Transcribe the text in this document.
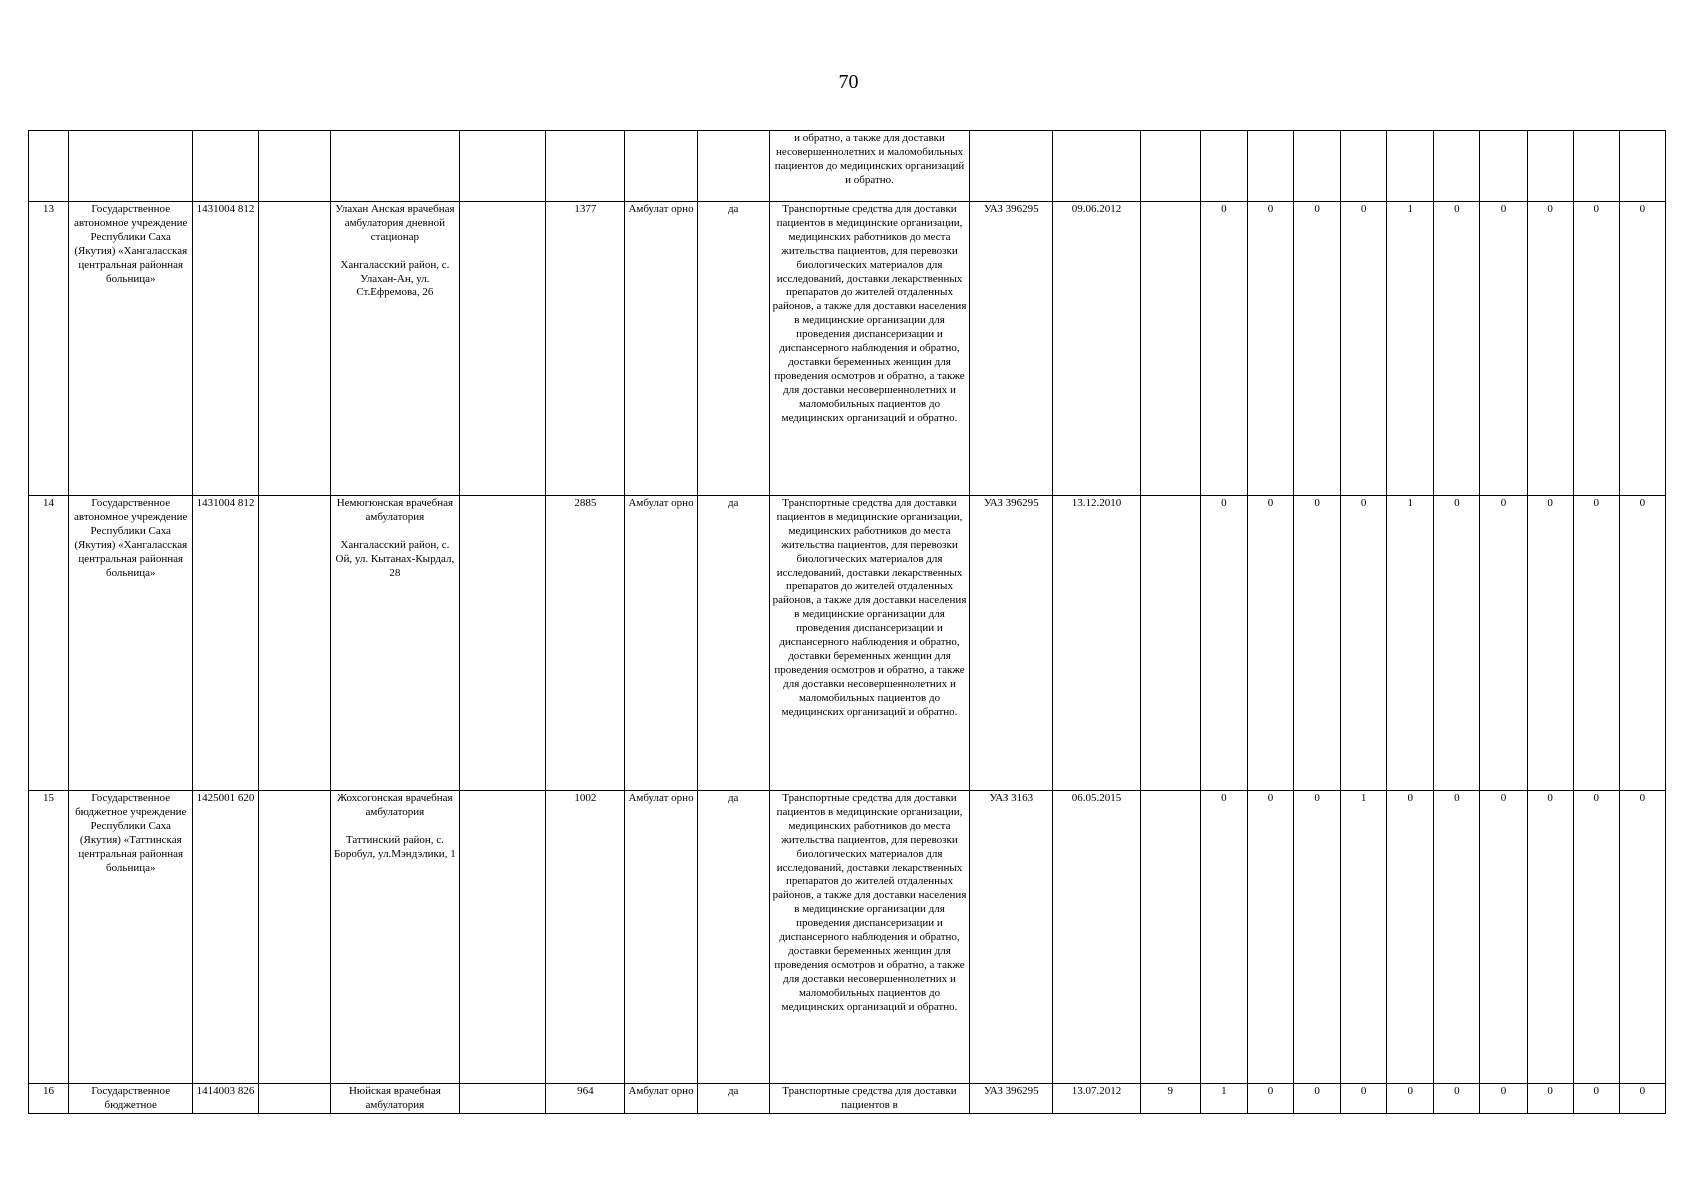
70
									и обратно, а также для доставки несовершеннолетних и маломобильных пациентов до медицинских организаций и обратно.													
13	Государственное автономное учреждение Республики Саха (Якутия) «Хангаласская центральная районная больница»	1431004 812		Улахан Анская врачебная амбулатория дневной стационар

Хангаласский район, с. Улахан-Ан, ул. Ст.Ефремова, 26		1377	Амбулат орно	да	Транспортные средства для доставки пациентов в медицинские организации, медицинских работников до места жительства пациентов, для перевозки биологических материалов для исследований, доставки лекарственных препаратов до жителей отдаленных районов, а также для доставки населения в медицинские организации для проведения диспансеризации и диспансерного наблюдения и обратно, доставки беременных женщин для проведения осмотров и обратно, а также для доставки несовершеннолетних и маломобильных пациентов до медицинских организаций и обратно.	УАЗ 396295	09.06.2012		0	0	0	0	1	0	0	0	0	0
14	Государственное автономное учреждение Республики Саха (Якутия) «Хангаласская центральная районная больница»	1431004 812		Немюгюнская врачебная амбулатория

Хангаласский район, с. Ой, ул. Кытанах-Кырдал, 28		2885	Амбулат орно	да	Транспортные средства для доставки пациентов в медицинские организации, медицинских работников до места жительства пациентов, для перевозки биологических материалов для исследований, доставки лекарственных препаратов до жителей отдаленных районов, а также для доставки населения в медицинские организации для проведения диспансеризации и диспансерного наблюдения и обратно, доставки беременных женщин для проведения осмотров и обратно, а также для доставки несовершеннолетних и маломобильных пациентов до медицинских организаций и обратно.	УАЗ 396295	13.12.2010		0	0	0	0	1	0	0	0	0	0
15	Государственное бюджетное учреждение Республики Саха (Якутия) «Таттинская центральная районная больница»	1425001 620		Жохсогонская врачебная амбулатория

Таттинский район, с. Боробул, ул.Мэндэлики, 1		1002	Амбулат орно	да	Транспортные средства для доставки пациентов в медицинские организации, медицинских работников до места жительства пациентов, для перевозки биологических материалов для исследований, доставки лекарственных препаратов до жителей отдаленных районов, а также для доставки населения в медицинские организации для проведения диспансеризации и диспансерного наблюдения и обратно, доставки беременных женщин для проведения осмотров и обратно, а также для доставки несовершеннолетних и маломобильных пациентов до медицинских организаций и обратно.	УАЗ 3163	06.05.2015		0	0	0	1	0	0	0	0	0	0
16	Государственное бюджетное	1414003 826		Нюйская врачебная амбулатория		964	Амбулат орно	да	Транспортные средства для доставки пациентов в	УАЗ 396295	13.07.2012	9	1	0	0	0	0	0	0	0	0	0
